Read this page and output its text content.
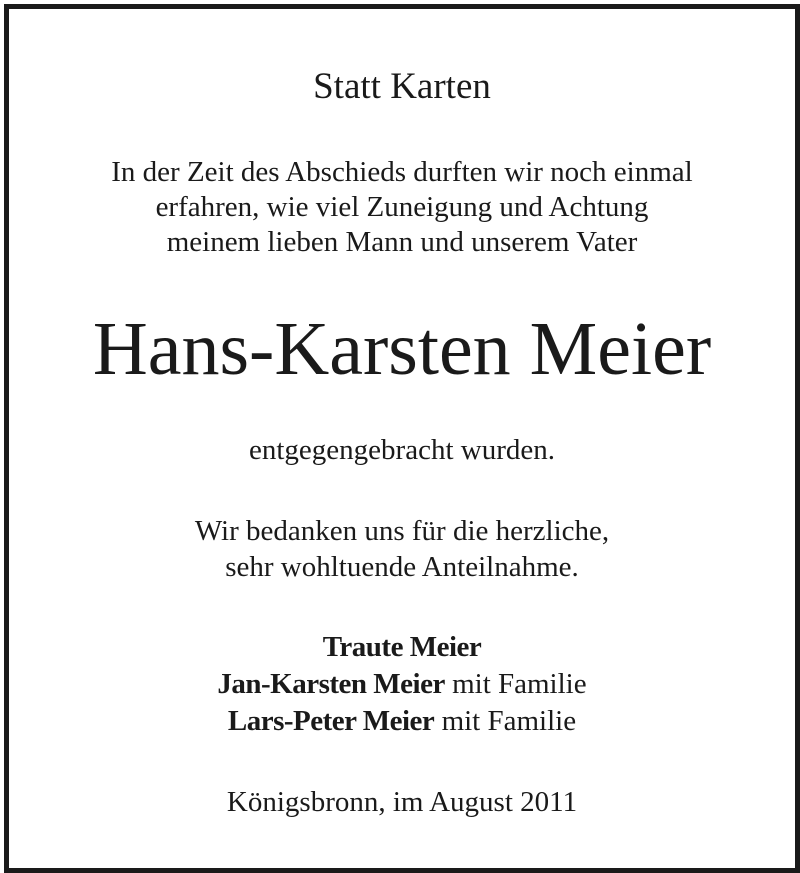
Statt Karten
In der Zeit des Abschieds durften wir noch einmal
erfahren, wie viel Zuneigung und Achtung
meinem lieben Mann und unserem Vater
Hans-Karsten Meier
entgegengebracht wurden.
Wir bedanken uns für die herzliche,
sehr wohltuende Anteilnahme.
Traute Meier
Jan-Karsten Meier mit Familie
Lars-Peter Meier mit Familie
Königsbronn, im August 2011
